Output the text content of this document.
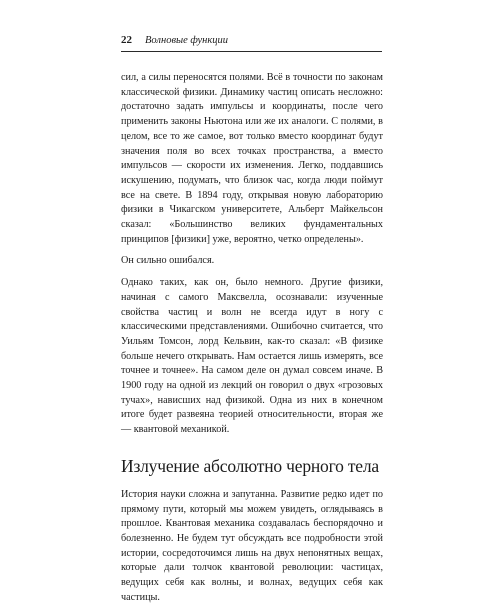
22 Волновые функции

сил, а силы переносятся полями. Всё в точности по законам классической физики. Динамику частиц описать несложно: достаточно задать импульсы и координаты, после чего применить законы Ньютона или же их аналоги. С полями, в целом, все то же самое, вот только вместо координат будут значения поля во всех точках пространства, а вместо импульсов — скорости их изменения. Легко, поддавшись искушению, подумать, что близок час, когда люди поймут все на свете. В 1894 году, открывая новую лабораторию физики в Чикагском университете, Альберт Майкельсон сказал: «Большинство великих фундаментальных принципов [физики] уже, вероятно, четко определены».

Он сильно ошибался.

Однако таких, как он, было немного. Другие физики, начиная с самого Максвелла, осознавали: изученные свойства частиц и волн не всегда идут в ногу с классическими представлениями. Ошибочно считается, что Уильям Томсон, лорд Кельвин, как-то сказал: «В физике больше нечего открывать. Нам остается лишь измерять, все точнее и точнее». На самом деле он думал совсем иначе. В 1900 году на одной из лекций он говорил о двух «грозовых тучах», нависших над физикой. Одна из них в конечном итоге будет развеяна теорией относительности, вторая же — квантовой механикой.

Излучение абсолютно черного тела

История науки сложна и запутанна. Развитие редко идет по прямому пути, который мы можем увидеть, оглядываясь в прошлое. Квантовая механика создавалась беспорядочно и болезненно. Не будем тут обсуждать все подробности этой истории, сосредоточимся лишь на двух непонятных вещах, которые дали толчок квантовой революции: частицах, ведущих себя как волны, и волнах, ведущих себя как частицы.
